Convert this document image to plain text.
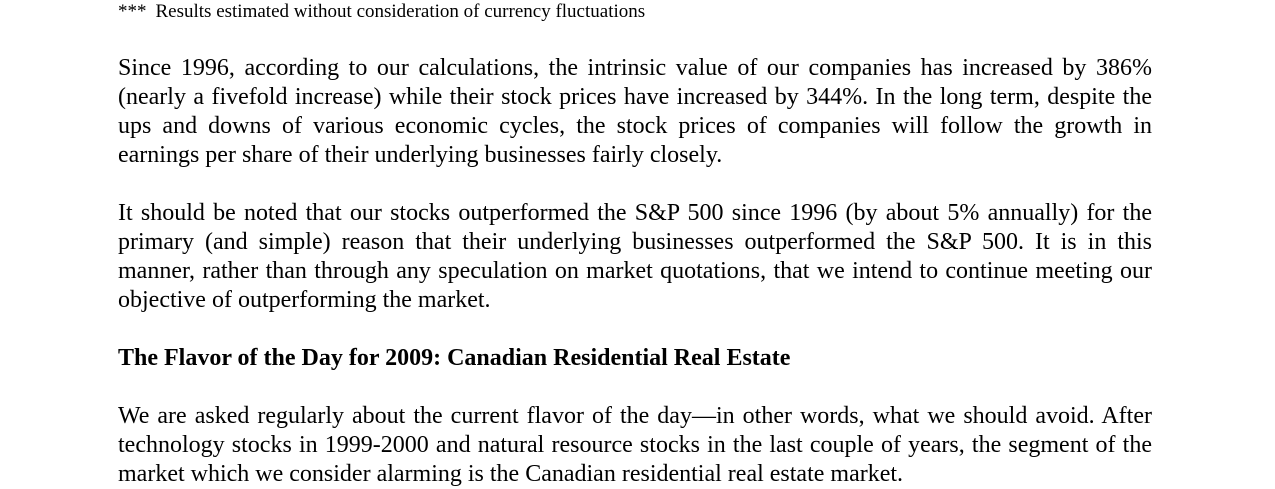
*** Results estimated without consideration of currency fluctuations

Since 1996, according to our calculations, the intrinsic value of our companies has increased by 386% (nearly a fivefold increase) while their stock prices have increased by 344%. In the long term, despite the ups and downs of various economic cycles, the stock prices of companies will follow the growth in earnings per share of their underlying businesses fairly closely.

It should be noted that our stocks outperformed the S&P 500 since 1996 (by about 5% annually) for the primary (and simple) reason that their underlying businesses outperformed the S&P 500. It is in this manner, rather than through any speculation on market quotations, that we intend to continue meeting our objective of outperforming the market.

The Flavor of the Day for 2009: Canadian Residential Real Estate

We are asked regularly about the current flavor of the day—in other words, what we should avoid. After technology stocks in 1999-2000 and natural resource stocks in the last couple of years, the segment of the market which we consider alarming is the Canadian residential real estate market.
